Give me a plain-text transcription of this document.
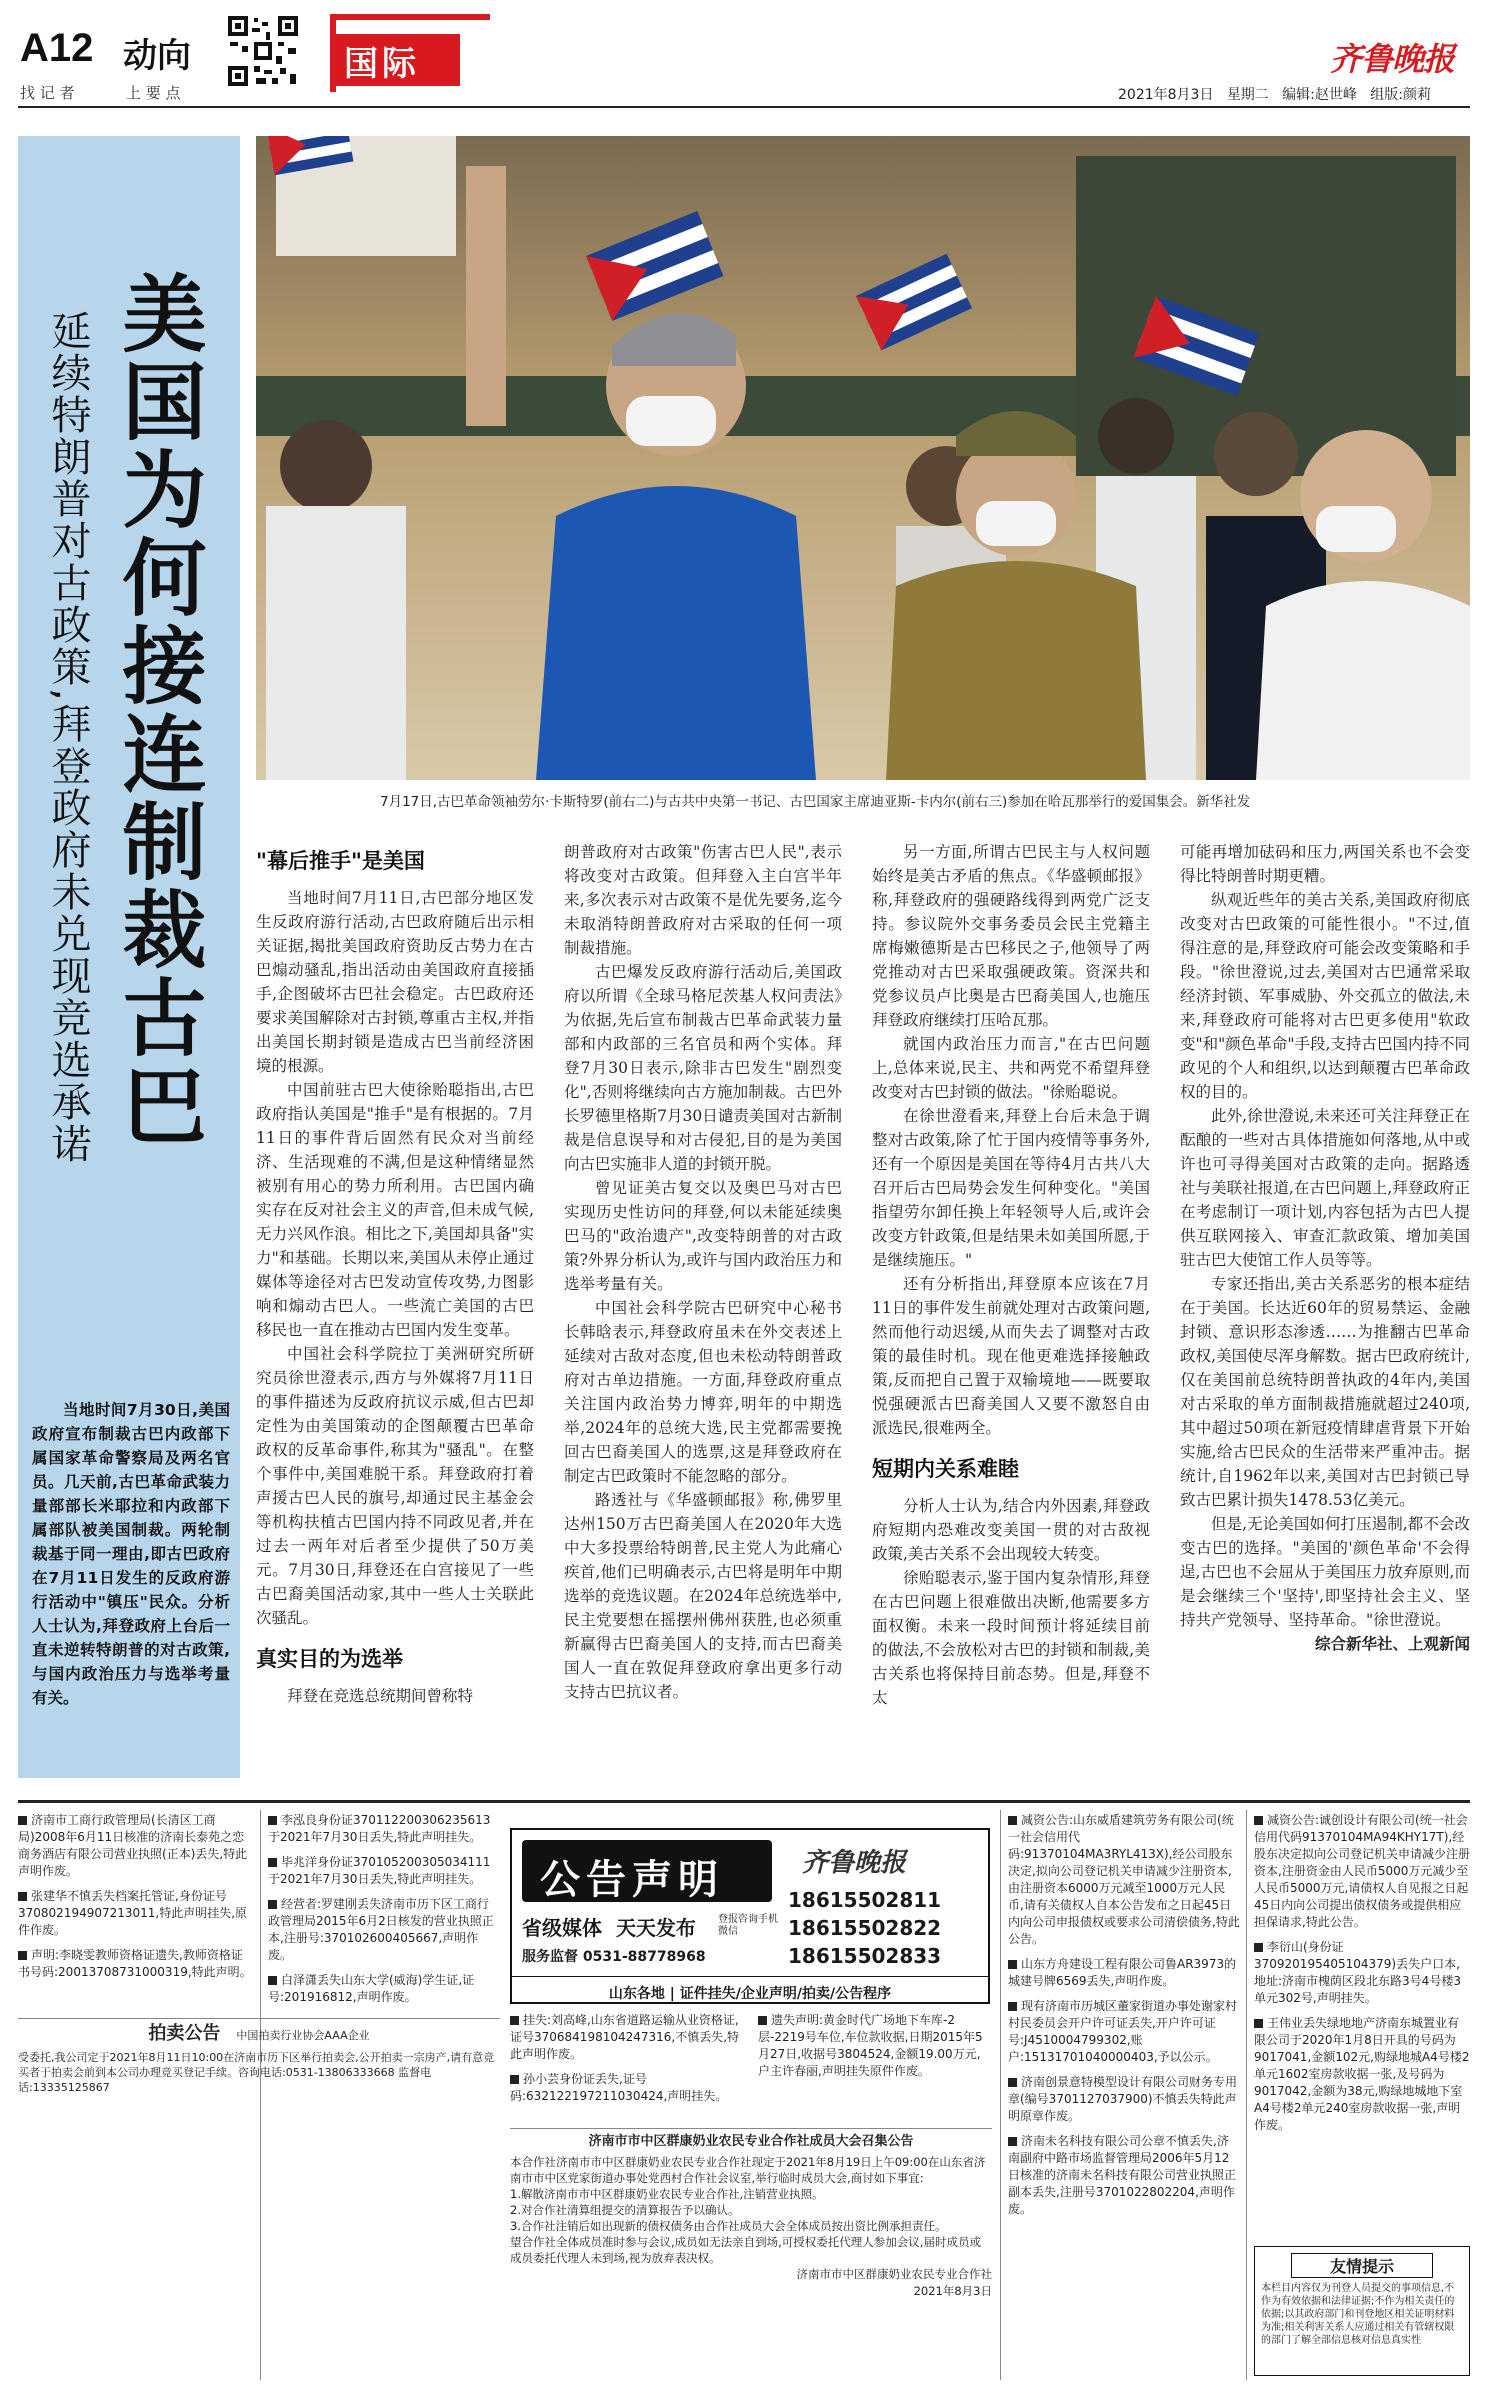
A12 动向
找 记 者	上 要 点
国际	齐鲁晚报
2021年8月3日 星期二 编辑:赵世峰 组版:颜莉
美国为何接连制裁古巴
延续特朗普对古政策,拜登政府未兑现竞选承诺
当地时间7月30日,美国政府宣布制裁古巴内政部下属国家革命警察局及两名官员。几天前,古巴革命武装力量部部长米耶拉和内政部下属部队被美国制裁。两轮制裁基于同一理由,即古巴政府在7月11日发生的反政府游行活动中"镇压"民众。分析人士认为,拜登政府上台后一直未逆转特朗普的对古政策,与国内政治压力与选举考量有关。
7月17日,古巴革命领袖劳尔·卡斯特罗(前右二)与古共中央第一书记、古巴国家主席迪亚斯-卡内尔(前右三)参加在哈瓦那举行的爱国集会。新华社发
"幕后推手"是美国

当地时间7月11日,古巴部分地区发生反政府游行活动,古巴政府随后出示相关证据,揭批美国政府资助反古势力在古巴煽动骚乱,指出活动由美国政府直接插手,企图破坏古巴社会稳定。古巴政府还要求美国解除对古封锁,尊重古主权,并指出美国长期封锁是造成古巴当前经济困境的根源。

中国前驻古巴大使徐贻聪指出,古巴政府指认美国是"推手"是有根据的。7月11日的事件背后固然有民众对当前经济、生活现难的不满,但是这种情绪显然被别有用心的势力所利用。古巴国内确实存在反对社会主义的声音,但未成气候,无力兴风作浪。相比之下,美国却具备"实力"和基础。长期以来,美国从未停止通过媒体等途径对古巴发动宣传攻势,力图影响和煽动古巴人。一些流亡美国的古巴移民也一直在推动古巴国内发生变革。

中国社会科学院拉丁美洲研究所研究员徐世澄表示,西方与外媒将7月11日的事件描述为反政府抗议示威,但古巴却定性为由美国策动的企图颠覆古巴革命政权的反革命事件,称其为"骚乱"。在整个事件中,美国难脱干系。拜登政府打着声援古巴人民的旗号,却通过民主基金会等机构扶植古巴国内持不同政见者,并在过去一两年对后者至少提供了50万美元。7月30日,拜登还在白宫接见了一些古巴裔美国活动家,其中一些人士关联此次骚乱。

真实目的为选举

拜登在竞选总统期间曾称特

朗普政府对古政策"伤害古巴人民",表示将改变对古政策。但拜登入主白宫半年来,多次表示对古政策不是优先要务,迄今未取消特朗普政府对古采取的任何一项制裁措施。

古巴爆发反政府游行活动后,美国政府以所谓《全球马格尼茨基人权问责法》为依据,先后宣布制裁古巴革命武装力量部和内政部的三名官员和两个实体。拜登7月30日表示,除非古巴发生"剧烈变化",否则将继续向古方施加制裁。古巴外长罗德里格斯7月30日谴责美国对古新制裁是信息误导和对古侵犯,目的是为美国向古巴实施非人道的封锁开脱。

曾见证美古复交以及奥巴马对古巴实现历史性访问的拜登,何以未能延续奥巴马的"政治遗产",改变特朗普的对古政策?外界分析认为,或许与国内政治压力和选举考量有关。

中国社会科学院古巴研究中心秘书长韩晗表示,拜登政府虽未在外交表述上延续对古敌对态度,但也未松动特朗普政府对古单边措施。一方面,拜登政府重点关注国内政治势力博弈,明年的中期选举,2024年的总统大选,民主党都需要挽回古巴裔美国人的选票,这是拜登政府在制定古巴政策时不能忽略的部分。

路透社与《华盛顿邮报》称,佛罗里达州150万古巴裔美国人在2020年大选中大多投票给特朗普,民主党人为此痛心疾首,他们已明确表示,古巴将是明年中期选举的竞选议题。在2024年总统选举中,民主党要想在摇摆州佛州获胜,也必须重新赢得古巴裔美国人的支持,而古巴裔美国人一直在敦促拜登政府拿出更多行动支持古巴抗议者。

另一方面,所谓古巴民主与人权问题始终是美古矛盾的焦点。《华盛顿邮报》称,拜登政府的强硬路线得到两党广泛支持。参议院外交事务委员会民主党籍主席梅嫩德斯是古巴移民之子,他领导了两党推动对古巴采取强硬政策。资深共和党参议员卢比奥是古巴裔美国人,也施压拜登政府继续打压哈瓦那。

就国内政治压力而言,"在古巴问题上,总体来说,民主、共和两党不希望拜登改变对古巴封锁的做法。"徐贻聪说。

在徐世澄看来,拜登上台后未急于调整对古政策,除了忙于国内疫情等事务外,还有一个原因是美国在等待4月古共八大召开后古巴局势会发生何种变化。"美国指望劳尔卸任换上年轻领导人后,或许会改变方针政策,但是结果未如美国所愿,于是继续施压。"

还有分析指出,拜登原本应该在7月11日的事件发生前就处理对古政策问题,然而他行动迟缓,从而失去了调整对古政策的最佳时机。现在他更难选择接触政策,反而把自己置于双输境地——既要取悦强硬派古巴裔美国人又要不激怒自由派选民,很难两全。

短期内关系难睦

分析人士认为,结合内外因素,拜登政府短期内恐难改变美国一贯的对古敌视政策,美古关系不会出现较大转变。

徐贻聪表示,鉴于国内复杂情形,拜登在古巴问题上很难做出决断,他需要多方面权衡。未来一段时间预计将延续目前的做法,不会放松对古巴的封锁和制裁,美古关系也将保持目前态势。但是,拜登不太

可能再增加砝码和压力,两国关系也不会变得比特朗普时期更糟。

纵观近些年的美古关系,美国政府彻底改变对古巴政策的可能性很小。"不过,值得注意的是,拜登政府可能会改变策略和手段。"徐世澄说,过去,美国对古巴通常采取经济封锁、军事威胁、外交孤立的做法,未来,拜登政府可能将对古巴更多使用"软政变"和"颜色革命"手段,支持古巴国内持不同政见的个人和组织,以达到颠覆古巴革命政权的目的。

此外,徐世澄说,未来还可关注拜登正在酝酿的一些对古具体措施如何落地,从中或许也可寻得美国对古政策的走向。据路透社与美联社报道,在古巴问题上,拜登政府正在考虑制订一项计划,内容包括为古巴人提供互联网接入、审查汇款政策、增加美国驻古巴大使馆工作人员等等。

专家还指出,美古关系恶劣的根本症结在于美国。长达近60年的贸易禁运、金融封锁、意识形态渗透……为推翻古巴革命政权,美国使尽浑身解数。据古巴政府统计,仅在美国前总统特朗普执政的4年内,美国对古采取的单方面制裁措施就超过240项,其中超过50项在新冠疫情肆虐背景下开始实施,给古巴民众的生活带来严重冲击。据统计,自1962年以来,美国对古巴封锁已导致古巴累计损失1478.53亿美元。

但是,无论美国如何打压遏制,都不会改变古巴的选择。"美国的'颜色革命'不会得逞,古巴也不会屈从于美国压力放弃原则,而是会继续三个'坚持',即坚持社会主义、坚持共产党领导、坚持革命。"徐世澄说。

综合新华社、上观新闻

济南市工商行政管理局(长清区工商局)2008年6月11日核准的济南长泰苑之恋商务酒店有限公司营业执照(正本)丢失,特此声明作废。

张建华不慎丢失档案托管证,身份证号370802194907213011,特此声明挂失,原件作废。

声明:李晓雯教师资格证遗失,教师资格证书号码:20013708731000319,特此声明。

李泓良身份证370112200306235613于2021年7月30日丢失,特此声明挂失。

毕兆洋身份证370105200305034111于2021年7月30日丢失,特此声明挂失。

经营者:罗建刚丢失济南市历下区工商行政管理局2015年6月2日核发的营业执照正本,注册号:370102600405667,声明作废。

白泽潇丢失山东大学(威海)学生证,证号:201916812,声明作废。

拍卖公告 中国拍卖行业协会AAA企业

受委托,我公司定于2021年8月11日10:00在济南市历下区举行拍卖会,公开拍卖一宗房产,请有意竞买者于拍卖会前到本公司办理竞买登记手续。咨询电话:0531-13806333668 监督电话:13335125867

公告声明	齐鲁晚报
省级媒体 天天发布 登报咨询手机微信
服务监督 0531-88778968
18615502811
18615502822
18615502833
山东各地 | 证件挂失/企业声明/拍卖/公告程序

挂失:刘高峰,山东省道路运输从业资格证,证号370684198104247316,不慎丢失,特此声明作废。

孙小芸身份证丢失,证号码:632122197211030424,声明挂失。

遗失声明:黄金时代广场地下车库-2层-2219号车位,车位款收据,日期2015年5月27日,收据号3804524,金额19.00万元,户主许春丽,声明挂失原件作废。

济南市市中区群康奶业农民专业合作社成员大会召集公告
本合作社济南市市中区群康奶业农民专业合作社现定于2021年8月19日上午09:00在山东省济南市市中区党家街道办事处党西村合作社会议室,举行临时成员大会,商讨如下事宜:
1.解散济南市市中区群康奶业农民专业合作社,注销营业执照。
2.对合作社清算组提交的清算报告予以确认。
3.合作社注销后如出现新的债权债务由合作社成员大会全体成员按出资比例承担责任。
望合作社全体成员准时参与会议,成员如无法亲自到场,可授权委托代理人参加会议,届时成员或成员委托代理人未到场,视为放弃表决权。
济南市市中区群康奶业农民专业合作社
2021年8月3日

减资公告:山东威盾建筑劳务有限公司(统一社会信用代码:91370104MA3RYL413X),经公司股东决定,拟向公司登记机关申请减少注册资本,由注册资本6000万元减至1000万元人民币,请有关债权人自本公告发布之日起45日内向公司申报债权或要求公司清偿债务,特此公告。

山东方舟建设工程有限公司鲁AR3973的城建号牌6569丢失,声明作废。

现有济南市历城区董家街道办事处谢家村村民委员会开户许可证丢失,开户许可证号:J4510004799302,账户:15131701040000403,予以公示。

济南创景意特模型设计有限公司财务专用章(编号3701127037900)不慎丢失特此声明原章作废。

济南未名科技有限公司公章不慎丢失,济南副府中路市场监督管理局2006年5月12日核准的济南未名科技有限公司营业执照正副本丢失,注册号3701022802204,声明作废。

减资公告:诚创设计有限公司(统一社会信用代码91370104MA94KHY17T),经股东决定拟向公司登记机关申请减少注册资本,注册资金由人民币5000万元减少至人民币5000万元,请债权人自见报之日起45日内向公司提出债权债务或提供相应担保请求,特此公告。

李衍山(身份证370920195405104379)丢失户口本,地址:济南市槐荫区段北东路3号4号楼3单元302号,声明挂失。

王伟业丢失绿地地产济南东城置业有限公司于2020年1月8日开具的号码为9017041,金额102元,购绿地城A4号楼2单元1602室房款收据一张,及号码为9017042,金额为38元,购绿地城地下室A4号楼2单元240室房款收据一张,声明作废。

友情提示
本栏目内容仅为刊登人员提交的事项信息,不作为有效依据和法律证据;不作为相关责任的依据;以其政府部门和刊登地区相关证明材料为准;相关利害关系人应通过相关有管辖权限的部门了解全部信息核对信息真实性
